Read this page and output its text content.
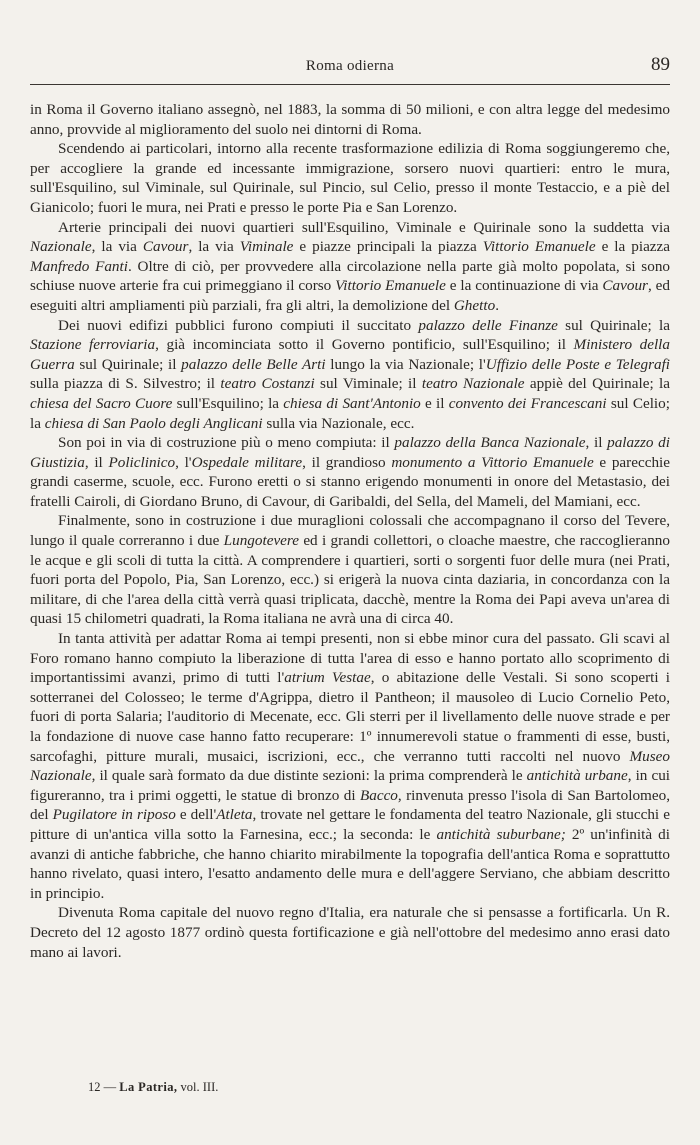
Roma odierna	89

in Roma il Governo italiano assegnò, nel 1883, la somma di 50 milioni, e con altra legge del medesimo anno, provvide al miglioramento del suolo nei dintorni di Roma.

Scendendo ai particolari, intorno alla recente trasformazione edilizia di Roma soggiungeremo che, per accogliere la grande ed incessante immigrazione, sorsero nuovi quartieri: entro le mura, sull'Esquilino, sul Viminale, sul Quirinale, sul Pincio, sul Celio, presso il monte Testaccio, e a piè del Gianicolo; fuori le mura, nei Prati e presso le porte Pia e San Lorenzo.

Arterie principali dei nuovi quartieri sull'Esquilino, Viminale e Quirinale sono la suddetta via Nazionale, la via Cavour, la via Viminale e piazze principali la piazza Vittorio Emanuele e la piazza Manfredo Fanti. Oltre di ciò, per provvedere alla circolazione nella parte già molto popolata, si sono schiuse nuove arterie fra cui primeggiano il corso Vittorio Emanuele e la continuazione di via Cavour, ed eseguiti altri ampliamenti più parziali, fra gli altri, la demolizione del Ghetto.

Dei nuovi edifizi pubblici furono compiuti il succitato palazzo delle Finanze sul Quirinale; la Stazione ferroviaria, già incominciata sotto il Governo pontificio, sull'Esquilino; il Ministero della Guerra sul Quirinale; il palazzo delle Belle Arti lungo la via Nazionale; l'Uffizio delle Poste e Telegrafi sulla piazza di S. Silvestro; il teatro Costanzi sul Viminale; il teatro Nazionale appiè del Quirinale; la chiesa del Sacro Cuore sull'Esquilino; la chiesa di Sant'Antonio e il convento dei Francescani sul Celio; la chiesa di San Paolo degli Anglicani sulla via Nazionale, ecc.

Son poi in via di costruzione più o meno compiuta: il palazzo della Banca Nazionale, il palazzo di Giustizia, il Policlinico, l'Ospedale militare, il grandioso monumento a Vittorio Emanuele e parecchie grandi caserme, scuole, ecc. Furono eretti o si stanno erigendo monumenti in onore del Metastasio, dei fratelli Cairoli, di Giordano Bruno, di Cavour, di Garibaldi, del Sella, del Mameli, del Mamiani, ecc.

Finalmente, sono in costruzione i due muraglioni colossali che accompagnano il corso del Tevere, lungo il quale correranno i due Lungotevere ed i grandi collettori, o cloache maestre, che raccoglieranno le acque e gli scoli di tutta la città. A comprendere i quartieri, sorti o sorgenti fuor delle mura (nei Prati, fuori porta del Popolo, Pia, San Lorenzo, ecc.) si erigerà la nuova cinta daziaria, in concordanza con la militare, di che l'area della città verrà quasi triplicata, dacchè, mentre la Roma dei Papi aveva un'area di quasi 15 chilometri quadrati, la Roma italiana ne avrà una di circa 40.

In tanta attività per adattar Roma ai tempi presenti, non si ebbe minor cura del passato. Gli scavi al Foro romano hanno compiuto la liberazione di tutta l'area di esso e hanno portato allo scoprimento di importantissimi avanzi, primo di tutti l'atrium Vestae, o abitazione delle Vestali. Si sono scoperti i sotterranei del Colosseo; le terme d'Agrippa, dietro il Pantheon; il mausoleo di Lucio Cornelio Peto, fuori di porta Salaria; l'auditorio di Mecenate, ecc. Gli sterri per il livellamento delle nuove strade e per la fondazione di nuove case hanno fatto recuperare: 1º innumerevoli statue o frammenti di esse, busti, sarcofaghi, pitture murali, musaici, iscrizioni, ecc., che verranno tutti raccolti nel nuovo Museo Nazionale, il quale sarà formato da due distinte sezioni: la prima comprenderà le antichità urbane, in cui figureranno, tra i primi oggetti, le statue di bronzo di Bacco, rinvenuta presso l'isola di San Bartolomeo, del Pugilatore in riposo e dell'Atleta, trovate nel gettare le fondamenta del teatro Nazionale, gli stucchi e pitture di un'antica villa sotto la Farnesina, ecc.; la seconda: le antichità suburbane; 2º un'infinità di avanzi di antiche fabbriche, che hanno chiarito mirabilmente la topografia dell'antica Roma e soprattutto hanno rivelato, quasi intero, l'esatto andamento delle mura e dell'aggere Serviano, che abbiam descritto in principio.

Divenuta Roma capitale del nuovo regno d'Italia, era naturale che si pensasse a fortificarla. Un R. Decreto del 12 agosto 1877 ordinò questa fortificazione e già nell'ottobre del medesimo anno erasi dato mano ai lavori.

12 — La Patria, vol. III.
